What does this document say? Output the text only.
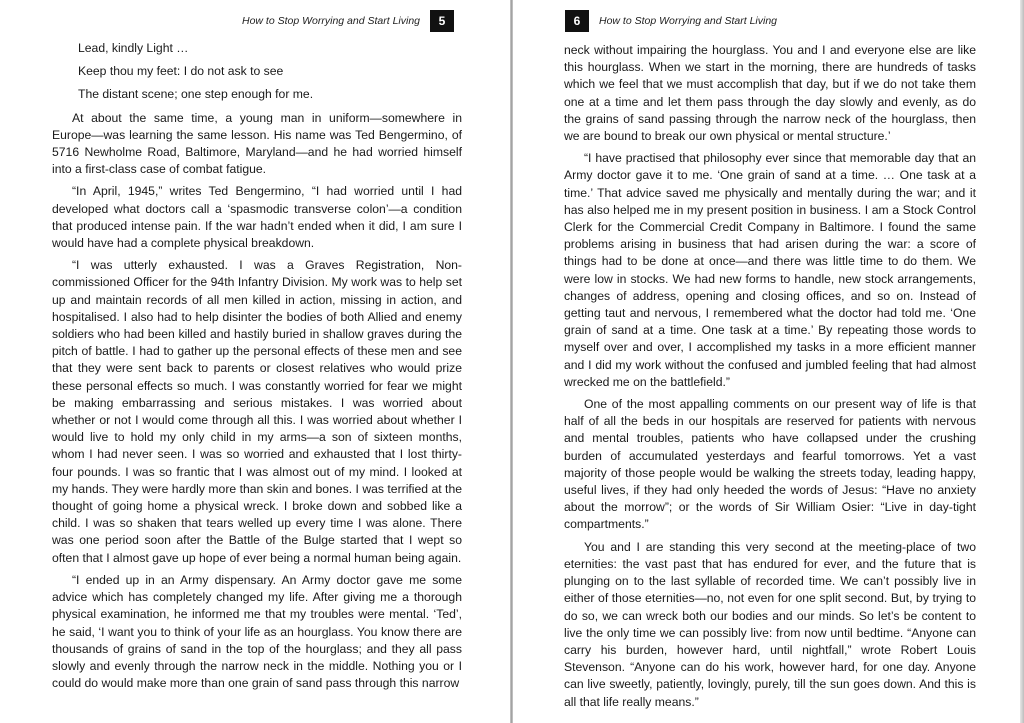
How to Stop Worrying and Start Living	5

Lead, kindly Light …

Keep thou my feet: I do not ask to see

The distant scene; one step enough for me.

At about the same time, a young man in uniform—somewhere in Europe—was learning the same lesson. His name was Ted Bengermino, of 5716 Newholme Road, Baltimore, Maryland—and he had worried himself into a first-class case of combat fatigue.

“In April, 1945,” writes Ted Bengermino, “I had worried until I had developed what doctors call a ‘spasmodic transverse colon’—a condition that produced intense pain. If the war hadn’t ended when it did, I am sure I would have had a complete physical breakdown.

“I was utterly exhausted. I was a Graves Registration, Non-commissioned Officer for the 94th Infantry Division. My work was to help set up and maintain records of all men killed in action, missing in action, and hospitalised. I also had to help disinter the bodies of both Allied and enemy soldiers who had been killed and hastily buried in shallow graves during the pitch of battle. I had to gather up the personal effects of these men and see that they were sent back to parents or closest relatives who would prize these personal effects so much. I was constantly worried for fear we might be making embarrassing and serious mistakes. I was worried about whether or not I would come through all this. I was worried about whether I would live to hold my only child in my arms—a son of sixteen months, whom I had never seen. I was so worried and exhausted that I lost thirty-four pounds. I was so frantic that I was almost out of my mind. I looked at my hands. They were hardly more than skin and bones. I was terrified at the thought of going home a physical wreck. I broke down and sobbed like a child. I was so shaken that tears welled up every time I was alone. There was one period soon after the Battle of the Bulge started that I wept so often that I almost gave up hope of ever being a normal human being again.

“I ended up in an Army dispensary. An Army doctor gave me some advice which has completely changed my life. After giving me a thorough physical examination, he informed me that my troubles were mental. ‘Ted’, he said, ‘I want you to think of your life as an hourglass. You know there are thousands of grains of sand in the top of the hourglass; and they all pass slowly and evenly through the narrow neck in the middle. Nothing you or I could do would make more than one grain of sand pass through this narrow

6	How to Stop Worrying and Start Living

neck without impairing the hourglass. You and I and everyone else are like this hourglass. When we start in the morning, there are hundreds of tasks which we feel that we must accomplish that day, but if we do not take them one at a time and let them pass through the day slowly and evenly, as do the grains of sand passing through the narrow neck of the hourglass, then we are bound to break our own physical or mental structure.’

“I have practised that philosophy ever since that memorable day that an Army doctor gave it to me. ‘One grain of sand at a time. … One task at a time.’ That advice saved me physically and mentally during the war; and it has also helped me in my present position in business. I am a Stock Control Clerk for the Commercial Credit Company in Baltimore. I found the same problems arising in business that had arisen during the war: a score of things had to be done at once—and there was little time to do them. We were low in stocks. We had new forms to handle, new stock arrangements, changes of address, opening and closing offices, and so on. Instead of getting taut and nervous, I remembered what the doctor had told me. ‘One grain of sand at a time. One task at a time.’ By repeating those words to myself over and over, I accomplished my tasks in a more efficient manner and I did my work without the confused and jumbled feeling that had almost wrecked me on the battlefield.”

One of the most appalling comments on our present way of life is that half of all the beds in our hospitals are reserved for patients with nervous and mental troubles, patients who have collapsed under the crushing burden of accumulated yesterdays and fearful tomorrows. Yet a vast majority of those people would be walking the streets today, leading happy, useful lives, if they had only heeded the words of Jesus: “Have no anxiety about the morrow”; or the words of Sir William Osier: “Live in day-tight compartments.”

You and I are standing this very second at the meeting-place of two eternities: the vast past that has endured for ever, and the future that is plunging on to the last syllable of recorded time. We can’t possibly live in either of those eternities—no, not even for one split second. But, by trying to do so, we can wreck both our bodies and our minds. So let’s be content to live the only time we can possibly live: from now until bedtime. “Anyone can carry his burden, however hard, until nightfall,” wrote Robert Louis Stevenson. “Anyone can do his work, however hard, for one day. Anyone can live sweetly, patiently, lovingly, purely, till the sun goes down. And this is all that life really means.”
